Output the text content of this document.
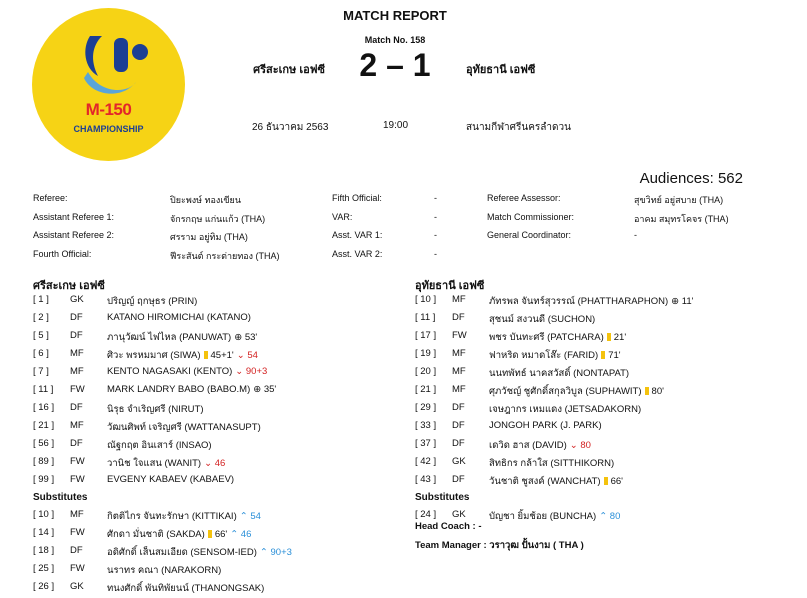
M-150
CHAMPIONSHIP
MATCH REPORT
Match No. 158
ศรีสะเกษ เอฟซี	2 – 1	อุทัยธานี เอฟซี
26 ธันวาคม 2563	19:00	สนามกีฬาศรีนครลำดวน
Audiences: 562
Referee:	ปิยะพงษ์ ทองเขียน
Assistant Referee 1:	จักรกฤษ แก่นแก้ว (THA)
Assistant Referee 2:	ศรราม อยู่ทิม (THA)
Fourth Official:	ฟีระสันต์ กระต่ายทอง (THA)
Fifth Official:	-
VAR:	-
Asst. VAR 1:	-
Asst. VAR 2:	-
Referee Assessor:	สุขวิทย์ อยู่สบาย (THA)
Match Commissioner:	อาคม สมุทรโคจร (THA)
General Coordinator:	-
ศรีสะเกษ เอฟซี	อุทัยธานี เอฟซี
[ 1 ] GK ปริญญ์ ฤกษุธร (PRIN)
[ 2 ] DF	KATANO HIROMICHAI (KATANO)
[ 5 ] DF	ภานุวัฒน์ ไฟไหล (PANUWAT) ⊕ 53'
[ 6 ] MF ศิวะ พรหมมาศ (SIWA) 45+1' ⌄ 54
[ 7 ] MF KENTO NAGASAKI (KENTO) ⌄ 90+3
[ 11 ] FW MARK LANDRY BABO (BABO.M) ⊕ 35'
[ 16 ] DF	นิรุธ จำเริญศรี (NIRUT)
[ 21 ] MF วัฒนศิพท์ เจริญศรี (WATTANASUPT)
[ 56 ] DF	ณัฐกฤต อินเสาร์ (INSAO)
[ 89 ] FW วานิช ใจแสน (WANIT) ⌄ 46
[ 99 ] FW EVGENY KABAEV (KABAEV)
Substitutes
[ 10 ] MF กิตติไกร จันทะรักษา (KITTIKAI) ⌃ 54
[ 14 ] FW ศักดา มั่นชาติ (SAKDA) 66' ⌃ 46
[ 18 ] DF	อดิศักดิ์ เส็นสมเอียด (SENSOM-IED) ⌃ 90+3
[ 25 ] FW นราทร คณา (NARAKORN)
[ 26 ] GK ทนงศักดิ์ พันทิพัยนน์ (THANONGSAK)
[ 10 ] MF ภัทรพล จันทร์สุวรรณ์ (PHATTHARAPHON) ⊕ 11'
[ 11 ] DF	สุชนม์ สงวนดี (SUCHON)
[ 17 ] FW พชร บันทะศรี (PATCHARA) 21'
[ 19 ] MF ฟาหริด หมาดโส๊ะ (FARID) 71'
[ 20 ] MF นนทพัทธ์ นาคสวัสดิ์ (NONTAPAT)
[ 21 ] MF ศุภวัชญ์ ชูศักดิ์สกุลวิบูล (SUPHAWIT) 80'
[ 29 ] DF	เจษฎากร เหมแดง (JETSADAKORN)
[ 33 ] DF	JONGOH PARK (J. PARK)
[ 37 ] DF	เดวิด ฮาส (DAVID) ⌄ 80
[ 42 ] GK สิทธิกร กล้าใส (SITTHIKORN)
[ 43 ] DF	วันชาติ ชูสงค์ (WANCHAT) 66'
Substitutes
[ 24 ] GK บัญชา ยิ้มช้อย (BUNCHA) ⌃ 80
Head Coach : -
Team Manager : วราวุฒ ปั้นงาม ( THA )
